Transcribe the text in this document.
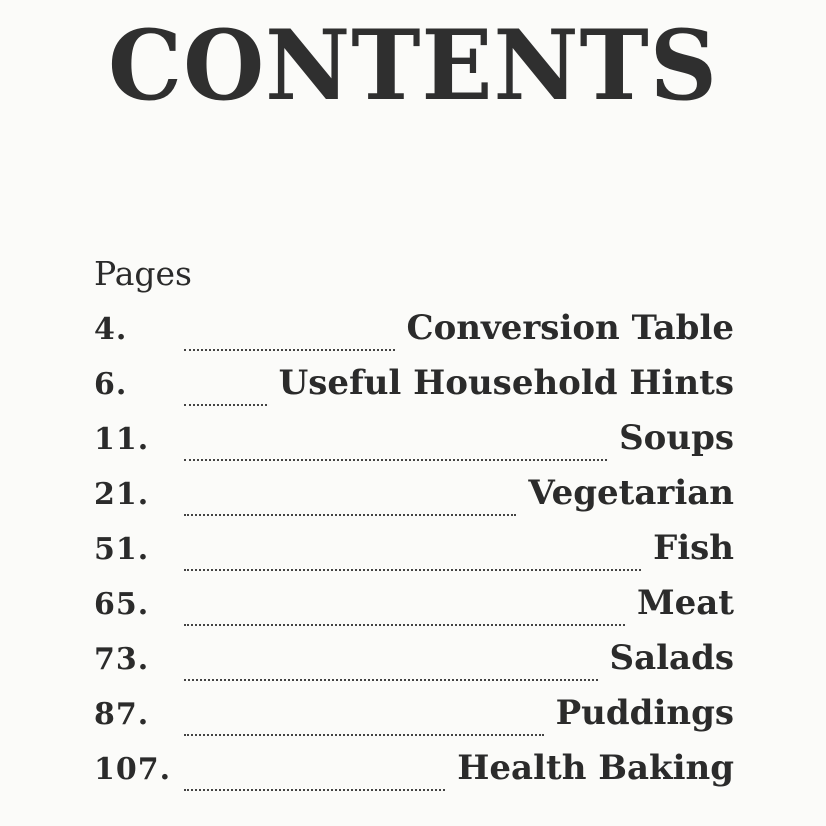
CONTENTS
Pages
4.	Conversion Table
6.	Useful Household Hints
11.	Soups
21.	Vegetarian
51.	Fish
65.	Meat
73.	Salads
87.	Puddings
107.	Health Baking
